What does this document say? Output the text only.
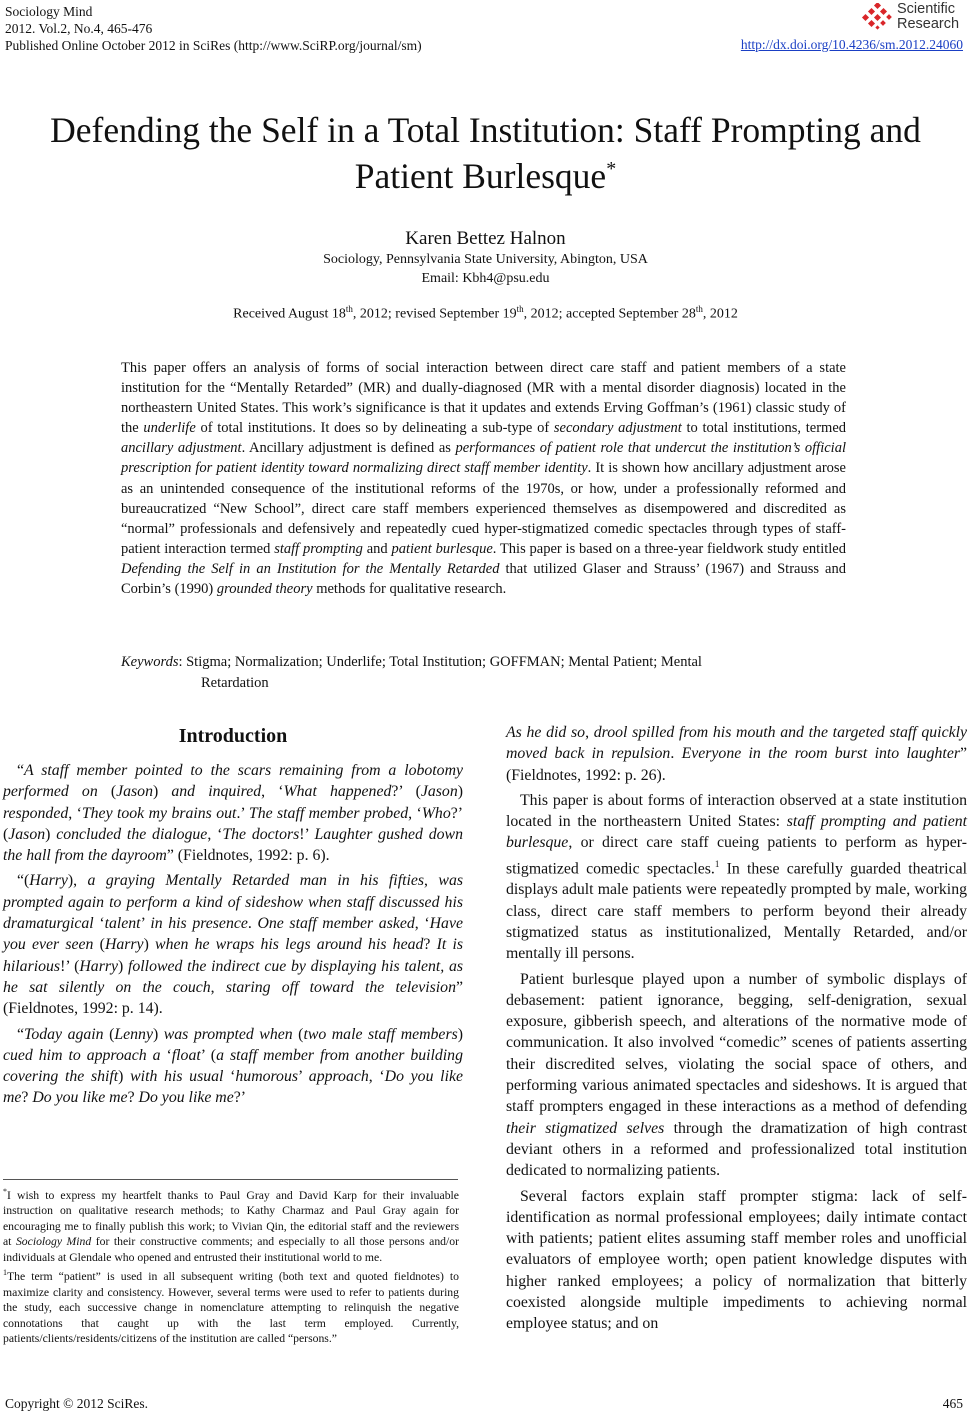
Sociology Mind
2012. Vol.2, No.4, 465-476
Published Online October 2012 in SciRes (http://www.SciRP.org/journal/sm)
Scientific
Research
http://dx.doi.org/10.4236/sm.2012.24060
Defending the Self in a Total Institution: Staff Prompting and Patient Burlesque*
Karen Bettez Halnon
Sociology, Pennsylvania State University, Abington, USA
Email: Kbh4@psu.edu
Received August 18th, 2012; revised September 19th, 2012; accepted September 28th, 2012
This paper offers an analysis of forms of social interaction between direct care staff and patient members of a state institution for the “Mentally Retarded” (MR) and dually-diagnosed (MR with a mental disorder diagnosis) located in the northeastern United States. This work’s significance is that it updates and extends Erving Goffman’s (1961) classic study of the underlife of total institutions. It does so by delineating a sub-type of secondary adjustment to total institutions, termed ancillary adjustment. Ancillary adjustment is defined as performances of patient role that undercut the institution’s official prescription for patient identity toward normalizing direct staff member identity. It is shown how ancillary adjustment arose as an unintended consequence of the institutional reforms of the 1970s, or how, under a professionally reformed and bureaucratized “New School”, direct care staff members experienced themselves as disempowered and discredited as “normal” professionals and defensively and repeatedly cued hyper-stigmatized comedic spectacles through types of staff-patient interaction termed staff prompting and patient burlesque. This paper is based on a three-year fieldwork study entitled Defending the Self in an Institution for the Mentally Retarded that utilized Glaser and Strauss’ (1967) and Strauss and Corbin’s (1990) grounded theory methods for qualitative research.
Keywords: Stigma; Normalization; Underlife; Total Institution; GOFFMAN; Mental Patient; Mental
Retardation
Introduction

“A staff member pointed to the scars remaining from a lobotomy performed on (Jason) and inquired, ‘What happened?’ (Jason) responded, ‘They took my brains out.’ The staff member probed, ‘Who?’ (Jason) concluded the dialogue, ‘The doctors!’ Laughter gushed down the hall from the dayroom” (Fieldnotes, 1992: p. 6).

“(Harry), a graying Mentally Retarded man in his fifties, was prompted again to perform a kind of sideshow when staff discussed his dramaturgical ‘talent’ in his presence. One staff member asked, ‘Have you ever seen (Harry) when he wraps his legs around his head? It is hilarious!’ (Harry) followed the indirect cue by displaying his talent, as he sat silently on the couch, staring off toward the television” (Fieldnotes, 1992: p. 14).

“Today again (Lenny) was prompted when (two male staff members) cued him to approach a ‘float’ (a staff member from another building covering the shift) with his usual ‘humorous’ approach, ‘Do you like me? Do you like me? Do you like me?’

*I wish to express my heartfelt thanks to Paul Gray and David Karp for their invaluable instruction on qualitative research methods; to Kathy Charmaz and Paul Gray again for encouraging me to finally publish this work; to Vivian Qin, the editorial staff and the reviewers at Sociology Mind for their constructive comments; and especially to all those persons and/or individuals at Glendale who opened and entrusted their institutional world to me.

$^1$The term “patient” is used in all subsequent writing (both text and quoted fieldnotes) to maximize clarity and consistency. However, several terms were used to refer to patients during the study, each successive change in nomenclature attempting to relinquish the negative connotations that caught up with the last term employed. Currently, patients/clients/residents/citizens of the institution are called “persons.”

As he did so, drool spilled from his mouth and the targeted staff quickly moved back in repulsion. Everyone in the room burst into laughter” (Fieldnotes, 1992: p. 26).

This paper is about forms of interaction observed at a state institution located in the northeastern United States: staff prompting and patient burlesque, or direct care staff cueing patients to perform as hyper-stigmatized comedic spectacles.$^1$ In these carefully guarded theatrical displays adult male patients were repeatedly prompted by male, working class, direct care staff members to perform beyond their already stigmatized status as institutionalized, Mentally Retarded, and/or mentally ill persons.

Patient burlesque played upon a number of symbolic displays of debasement: patient ignorance, begging, self-denigration, sexual exposure, gibberish speech, and alterations of the normative mode of communication. It also involved “comedic” scenes of patients asserting their discredited selves, violating the social space of others, and performing various animated spectacles and sideshows. It is argued that staff prompters engaged in these interactions as a method of defending their stigmatized selves through the dramatization of high contrast deviant others in a reformed and professionalized total institution dedicated to normalizing patients.

Several factors explain staff prompter stigma: lack of self-identification as normal professional employees; daily intimate contact with patients; patient elites assuming staff member roles and unofficial evaluators of employee worth; open patient knowledge disputes with higher ranked employees; a policy of normalization that bitterly coexisted alongside multiple impediments to achieving normal employee status; and on

Copyright © 2012 SciRes.	465
